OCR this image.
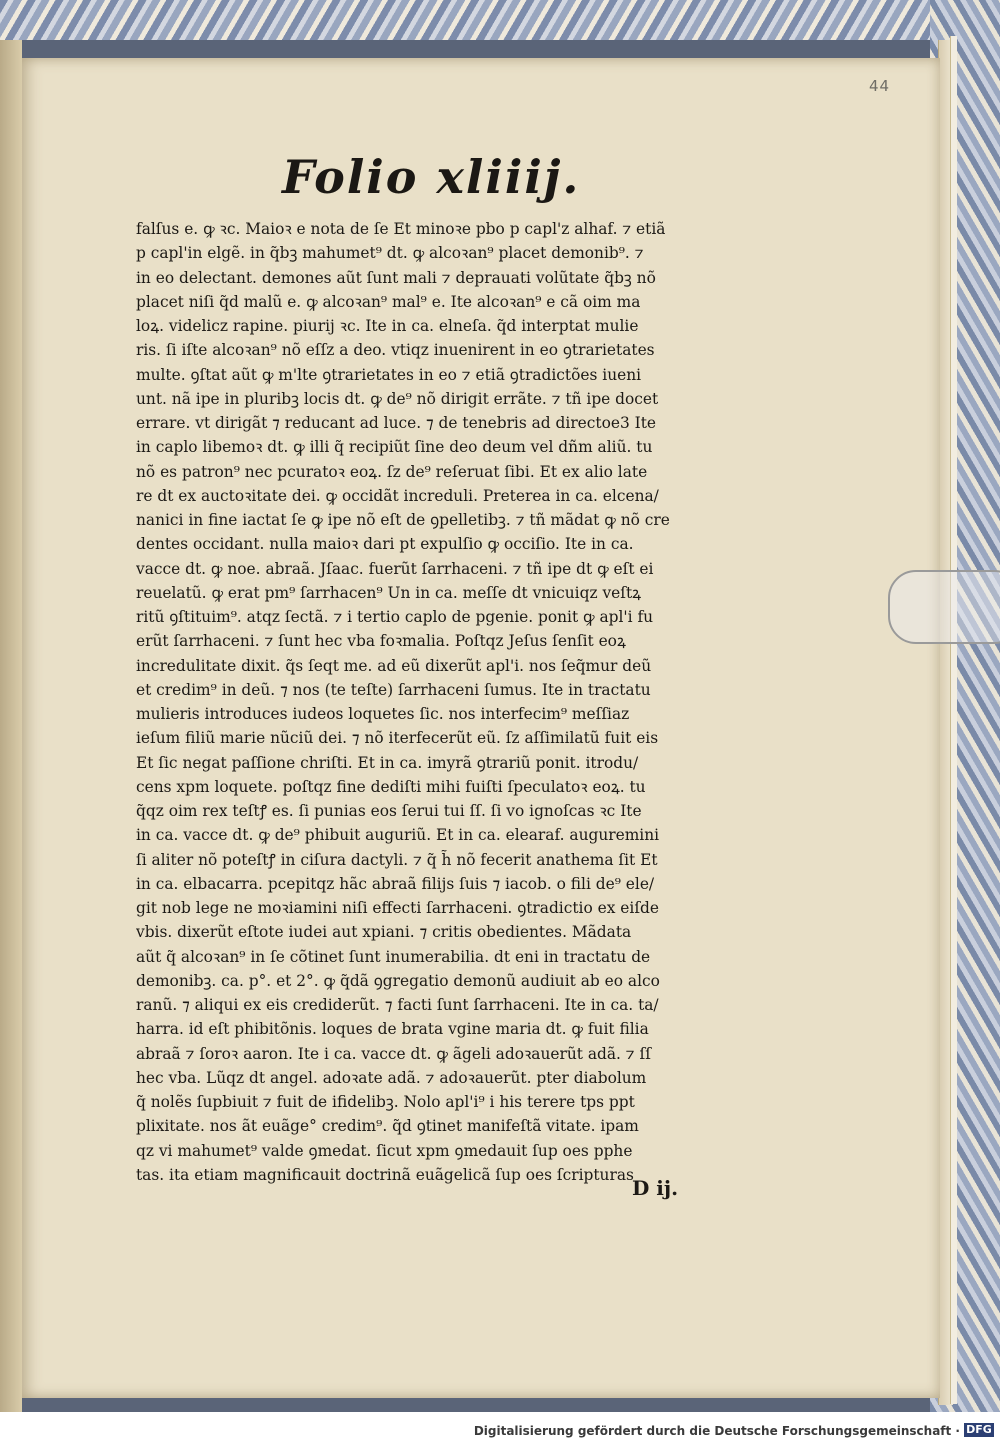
44
Folio xliiij.
falſus e. ꝙ ꝛc. Maioꝛ e nota de ſe Et minoꝛe pbo p capl'z alhaf. ⁊ etiã
p capl'in elgẽ. in q̃bꝫ mahumet⁹ dt. ꝙ alcoꝛan⁹ placet demonib⁹. ⁊
in eo delectant. demones aũt ſunt mali ⁊ deprauati volũtate q̃bꝫ nõ
placet niſi q̃d malũ e. ꝙ alcoꝛan⁹ mal⁹ e. Ite alcoꝛan⁹ e cã oim ma
loꝝ. videlicz rapine. piurij ꝛc. Ite in ca. elneſa. q̃d interptat mulie
ris. ſi iſte alcoꝛan⁹ nõ eſſz a deo. vtiqz inuenirent in eo ꝯtrarietates
multe. ꝯſtat aũt ꝙ m'lte ꝯtrarietates in eo ⁊ etiã ꝯtradictões iueni
unt. nã ipe in pluribꝫ locis dt. ꝙ de⁹ nõ dirigit errãte. ⁊ tñ ipe docet
errare. vt dirigãt ⁊ reducant ad luce. ⁊ de tenebris ad directoe3 Ite
in caplo libemoꝛ dt. ꝙ illi q̃ recipiũt ſine deo deum vel dñm aliũ. tu
nõ es patron⁹ nec pcuratoꝛ eoꝝ. ſz de⁹ reſeruat ſibi. Et ex alio late
re dt ex auctoꝛitate dei. ꝙ occidãt increduli. Preterea in ca. elcena/
nanici in fine iactat ſe ꝙ ipe nõ eſt de ꝯpelletibꝫ. ⁊ tñ mãdat ꝙ nõ cre
dentes occidant. nulla maioꝛ dari pt expulſio ꝙ occiſio. Ite in ca.
vacce dt. ꝙ noe. abraã. Jſaac. fuerũt ſarrhaceni. ⁊ tñ ipe dt ꝙ eſt ei
reuelatũ. ꝙ erat pm⁹ ſarrhacen⁹ Un in ca. meſſe dt vnicuiqz veſtꝝ
ritũ ꝯſtituim⁹. atqz ſectã. ⁊ i tertio caplo de pgenie. ponit ꝙ apl'i fu
erũt ſarrhaceni. ⁊ ſunt hec vba foꝛmalia. Poſtqz Jeſus ſenſit eoꝝ
incredulitate dixit. q̃s ſeqt me. ad eũ dixerũt apl'i. nos ſeq̃mur deũ
et credim⁹ in deũ. ⁊ nos (te teſte) ſarrhaceni ſumus. Ite in tractatu
mulieris introduces iudeos loquetes ſic. nos interfecim⁹ meſſiaz
ieſum filiũ marie nũciũ dei. ⁊ nõ iterfecerũt eũ. ſz aſſimilatũ fuit eis
Et ſic negat paſſione chriſti. Et in ca. imyrã ꝯtrariũ ponit. itrodu/
cens xpm loquete. poſtqz fine dediſti mihi fuiſti ſpeculatoꝛ eoꝝ. tu
q̃qz oim rex teſtꝭ es. ſi punias eos ſerui tui ſſ. ſi vo ignoſcas ꝛc Ite
in ca. vacce dt. ꝙ de⁹ phibuit auguriũ. Et in ca. elearaf. auguremini
ſi aliter nõ poteſtꝭ in ciſura dactyli. ⁊ q̃ h̃ nõ fecerit anathema ſit Et
in ca. elbacarra. pcepitqz hãc abraã filijs ſuis ⁊ iacob. o fili de⁹ ele/
git nob lege ne moꝛiamini niſi effecti ſarrhaceni. ꝯtradictio ex eiſde
vbis. dixerũt eſtote iudei aut xpiani. ⁊ critis obedientes. Mãdata
aũt q̃ alcoꝛan⁹ in ſe cõtinet ſunt inumerabilia. dt eni in tractatu de
demonibꝫ. ca. p°. et 2°. ꝙ q̃dã ꝯgregatio demonũ audiuit ab eo alco
ranũ. ⁊ aliqui ex eis crediderũt. ⁊ facti ſunt ſarrhaceni. Ite in ca. ta/
harra. id eſt phibitõnis. loques de brata vgine maria dt. ꝙ fuit filia
abraã ⁊ ſoroꝛ aaron. Ite i ca. vacce dt. ꝙ ãgeli adoꝛauerũt adã. ⁊ ſſ
hec vba. Lũqz dt angel. adoꝛate adã. ⁊ adoꝛauerũt. pter diabolum
q̃ nolẽs ſupbiuit ⁊ fuit de ifidelibꝫ. Nolo apl'i⁹ i his terere tps ppt
plixitate. nos ãt euãge° credim⁹. q̃d ꝯtinet manifeſtã vitate. ipam
qz vi mahumet⁹ valde ꝯmedat. ſicut xpm ꝯmedauit ſup oes pphe
tas. ita etiam magnificauit doctrinã euãgelicã ſup oes ſcripturas
D ij.
Digitalisierung gefördert durch die Deutsche Forschungsgemeinschaft · DFG
